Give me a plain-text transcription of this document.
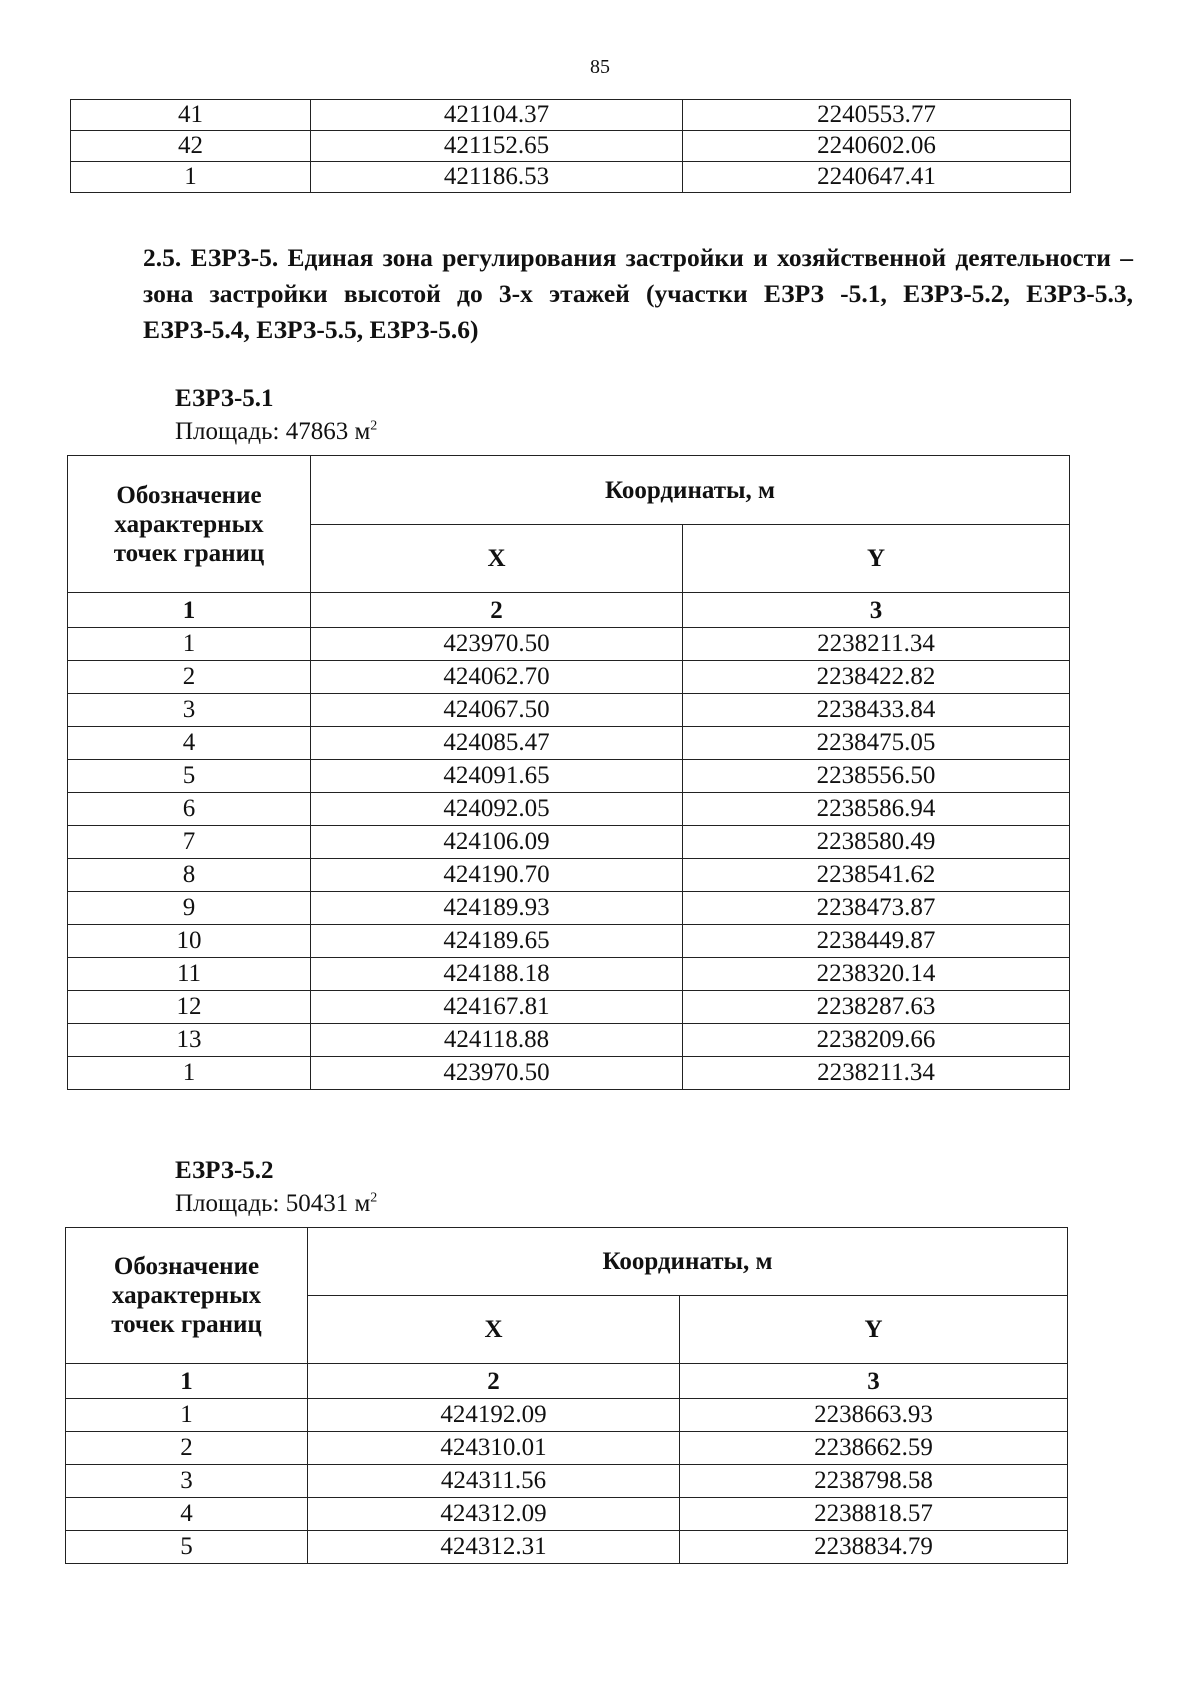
85
41	421104.37	2240553.77
42	421152.65	2240602.06
1	421186.53	2240647.41
2.5. ЕЗРЗ-5. Единая зона регулирования застройки и хозяйственной деятельности – зона застройки высотой до 3-х этажей (участки ЕЗРЗ -5.1, ЕЗРЗ-5.2, ЕЗРЗ-5.3, ЕЗРЗ-5.4, ЕЗРЗ-5.5, ЕЗРЗ-5.6)
ЕЗРЗ-5.1
Площадь: 47863 $м^2$
Обозначение характерных точек границ	Координаты, м	
	X	Y
1	2	3
1	423970.50	2238211.34
2	424062.70	2238422.82
3	424067.50	2238433.84
4	424085.47	2238475.05
5	424091.65	2238556.50
6	424092.05	2238586.94
7	424106.09	2238580.49
8	424190.70	2238541.62
9	424189.93	2238473.87
10	424189.65	2238449.87
11	424188.18	2238320.14
12	424167.81	2238287.63
13	424118.88	2238209.66
1	423970.50	2238211.34
ЕЗРЗ-5.2
Площадь: 50431 $м^2$
Обозначение характерных точек границ	Координаты, м	
	X	Y
1	2	3
1	424192.09	2238663.93
2	424310.01	2238662.59
3	424311.56	2238798.58
4	424312.09	2238818.57
5	424312.31	2238834.79
